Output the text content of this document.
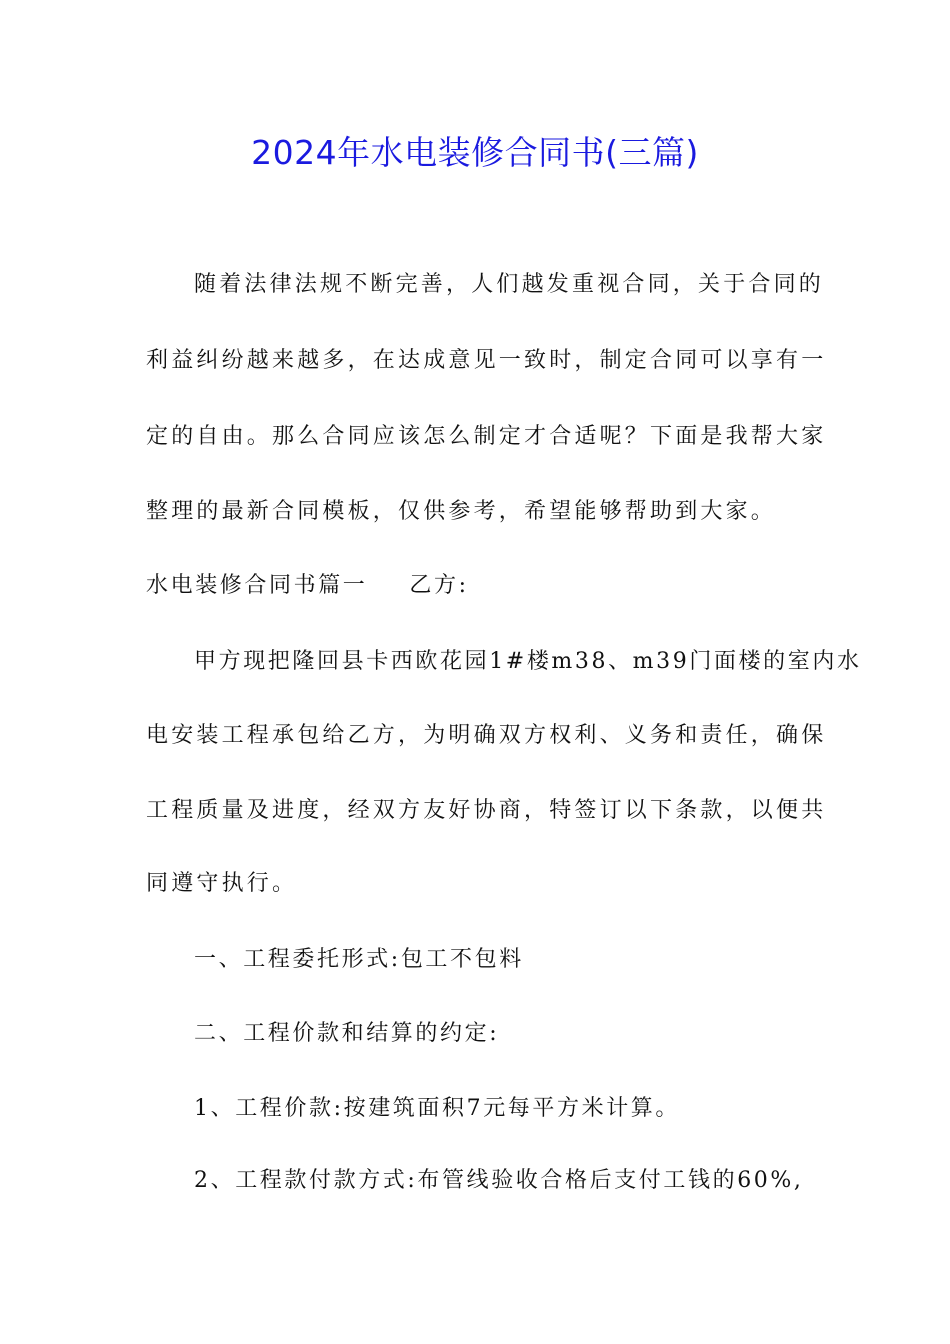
2024年水电装修合同书(三篇)
随着法律法规不断完善，人们越发重视合同，关于合同的
利益纠纷越来越多，在达成意见一致时，制定合同可以享有一
定的自由。那么合同应该怎么制定才合适呢？下面是我帮大家
整理的最新合同模板，仅供参考，希望能够帮助到大家。
水电装修合同书篇一 乙方:
甲方现把隆回县卡西欧花园1#楼m38、m39门面楼的室内水
电安装工程承包给乙方，为明确双方权利、义务和责任，确保
工程质量及进度，经双方友好协商，特签订以下条款，以便共
同遵守执行。
一、工程委托形式:包工不包料
二、工程价款和结算的约定:
1、工程价款:按建筑面积7元每平方米计算。
2、工程款付款方式:布管线验收合格后支付工钱的60%,
